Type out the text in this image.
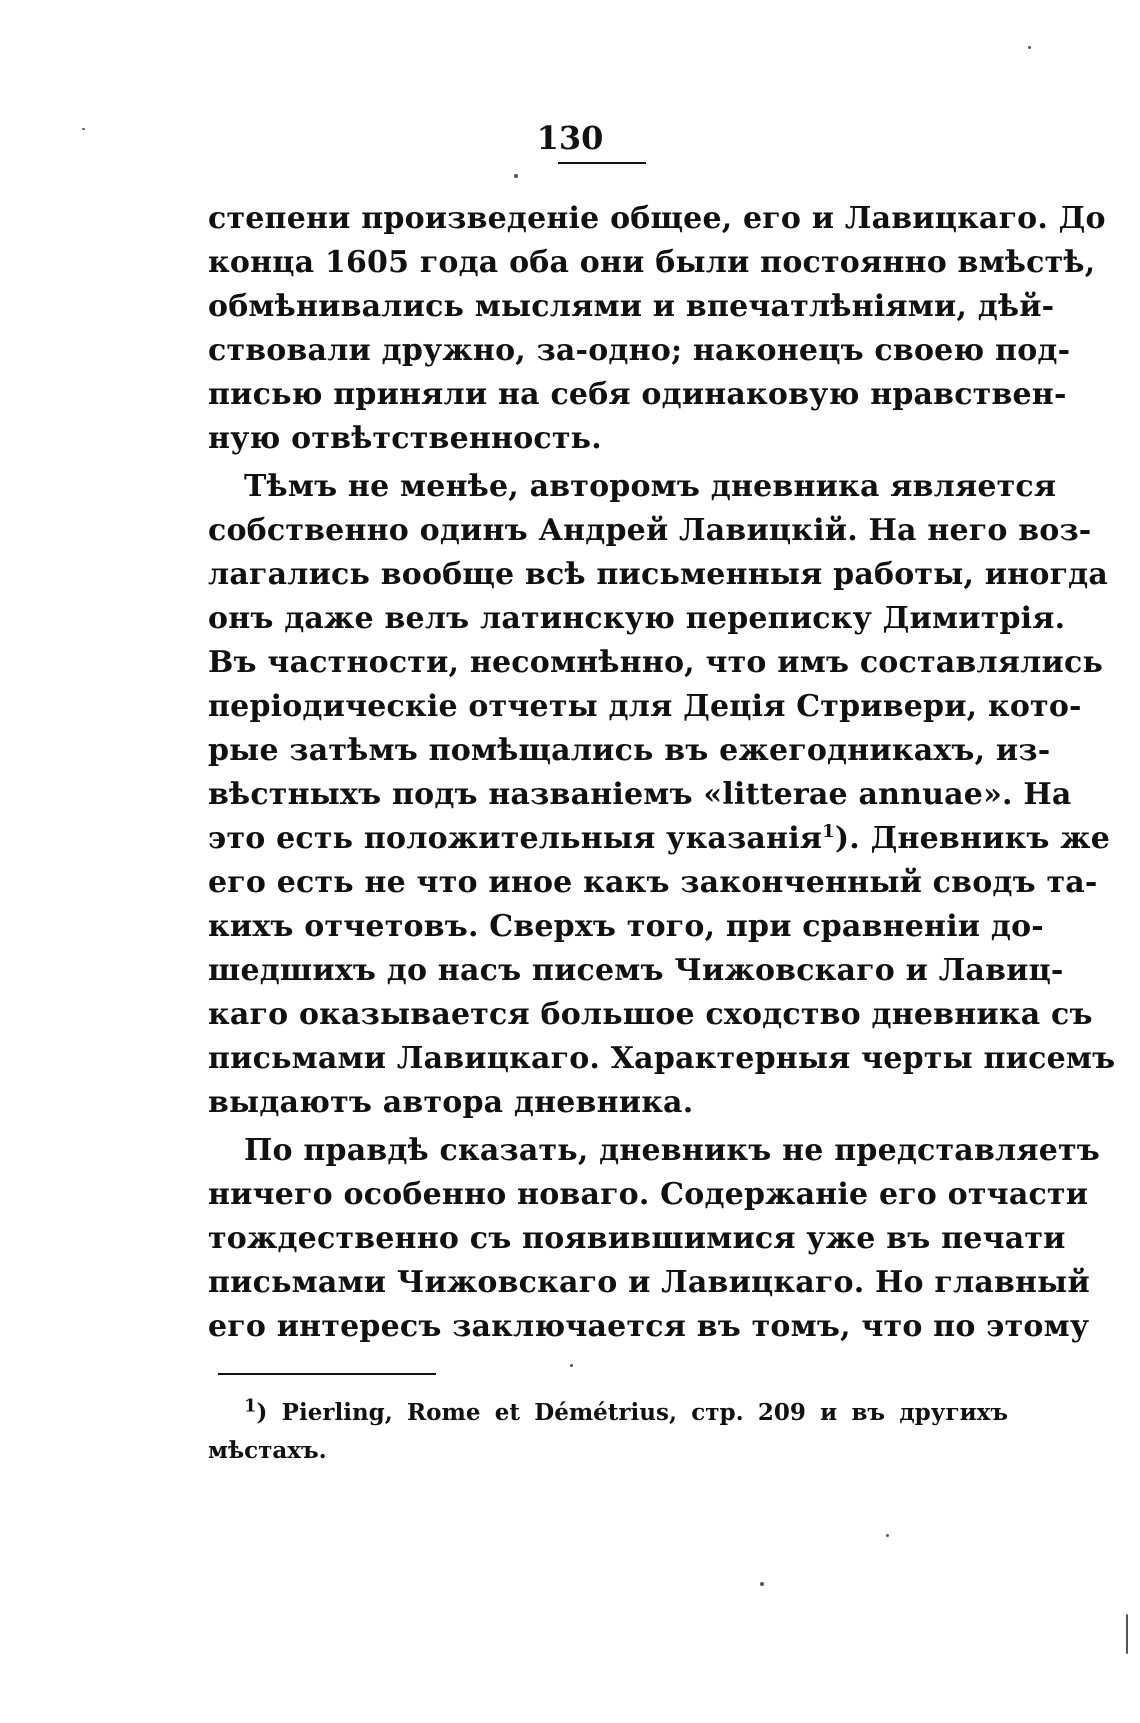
130
степени произведеніе общее, его и Лавицкаго. До
конца 1605 года оба они были постоянно вмѣстѣ,
обмѣнивались мыслями и впечатлѣніями, дѣй-
ствовали дружно, за-одно; наконецъ своею под-
писью приняли на себя одинаковую нравствен-
ную отвѣтственность.
Тѣмъ не менѣе, авторомъ дневника является
собственно одинъ Андрей Лавицкій. На него воз-
лагались вообще всѣ письменныя работы, иногда
онъ даже велъ латинскую переписку Димитрія.
Въ частности, несомнѣнно, что имъ составлялись
періодическіе отчеты для Деція Стривери, кото-
рые затѣмъ помѣщались въ ежегодникахъ, из-
вѣстныхъ подъ названіемъ «litterae annuae». На
это есть положительныя указанія$^1$). Дневникъ же
его есть не что иное какъ законченный сводъ та-
кихъ отчетовъ. Сверхъ того, при сравненіи до-
шедшихъ до насъ писемъ Чижовскаго и Лавиц-
каго оказывается большое сходство дневника съ
письмами Лавицкаго. Характерныя черты писемъ
выдаютъ автора дневника.
По правдѣ сказать, дневникъ не представляетъ
ничего особенно новаго. Содержаніе его отчасти
тождественно съ появившимися уже въ печати
письмами Чижовскаго и Лавицкаго. Но главный
его интересъ заключается въ томъ, что по этому
$^1$) Pierling, Rome et Démétrius, стр. 209 и въ другихъ
мѣстахъ.
